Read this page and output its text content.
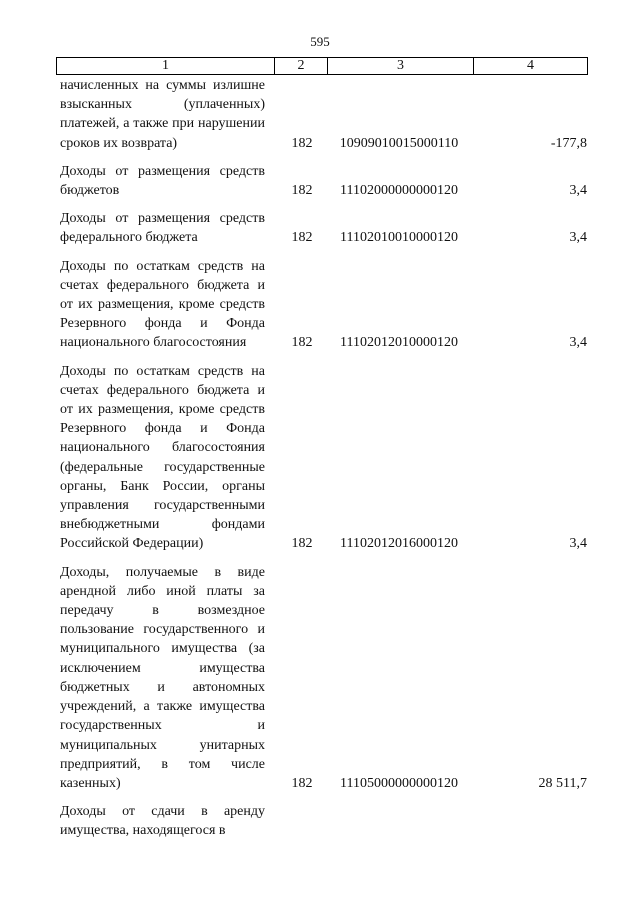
595
1	2	3	4
начисленных на суммы излишне взысканных (уплаченных) платежей, а также при нарушении сроков их возврата)	182	10909010015000110	-177,8
Доходы от размещения средств бюджетов	182	11102000000000120	3,4
Доходы от размещения средств федерального бюджета	182	11102010010000120	3,4
Доходы по остаткам средств на счетах федерального бюджета и от их размещения, кроме средств Резервного фонда и Фонда национального благосостояния	182	11102012010000120	3,4
Доходы по остаткам средств на счетах федерального бюджета и от их размещения, кроме средств Резервного фонда и Фонда национального благосостояния (федеральные государственные органы, Банк России, органы управления государственными внебюджетными фондами Российской Федерации)	182	11102012016000120	3,4
Доходы, получаемые в виде арендной либо иной платы за передачу в возмездное пользование государственного и муниципального имущества (за исключением имущества бюджетных и автономных учреждений, а также имущества государственных и муниципальных унитарных предприятий, в том числе казенных)	182	11105000000000120	28 511,7
Доходы от сдачи в аренду имущества, находящегося в
